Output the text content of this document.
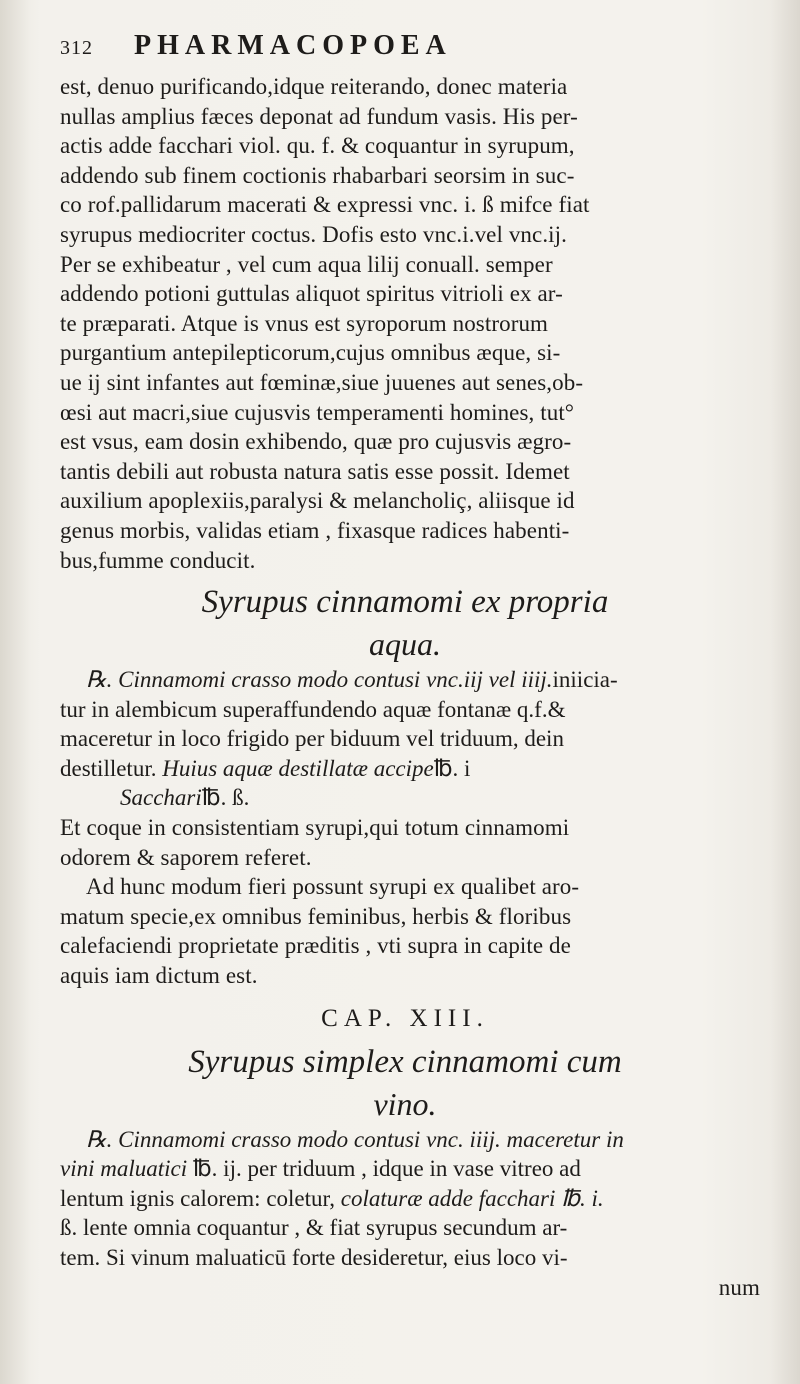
312	PHARMACOPOEA
est, denuo purificando,idque reiterando, donec materia
nullas amplius fæces deponat ad fundum vasis. His per-
actis adde facchari viol. qu. f. & coquantur in syrupum,
addendo sub finem coctionis rhabarbari seorsim in suc-
co rof.pallidarum macerati & expressi vnc. i. ß mifce fiat
syrupus mediocriter coctus. Dofis esto vnc.i.vel vnc.ij.
Per se exhibeatur , vel cum aqua lilij conuall. semper
addendo potioni guttulas aliquot spiritus vitrioli ex ar-
te præparati. Atque is vnus est syroporum nostrorum
purgantium antepilepticorum,cujus omnibus æque, si-
ue ij sint infantes aut fœminæ,siue juuenes aut senes,ob-
œsi aut macri,siue cujusvis temperamenti homines, tut°
est vsus, eam dosin exhibendo, quæ pro cujusvis ægro-
tantis debili aut robusta natura satis esse possit. Idemet
auxilium apoplexiis,paralysi & melancholiç, aliisque id
genus morbis, validas etiam , fixasque radices habenti-
bus,fumme conducit.
Syrupus cinnamomi ex propria
aqua.
℞. Cinnamomi crasso modo contusi vnc.iij vel iiij.iniicia-
tur in alembicum superaffundendo aquæ fontanæ q.f.&
maceretur in loco frigido per biduum vel triduum, dein
destilletur. Huius aquæ destillatæ accipe℔. i
Sacchari℔. ß.
Et coque in consistentiam syrupi,qui totum cinnamomi
odorem & saporem referet.
Ad hunc modum fieri possunt syrupi ex qualibet aro-
matum specie,ex omnibus feminibus, herbis & floribus
calefaciendi proprietate præditis , vti supra in capite de
aquis iam dictum est.
CAP. XIII.
Syrupus simplex cinnamomi cum
vino.
℞. Cinnamomi crasso modo contusi vnc. iiij. maceretur in
vini maluatici ℔. ij. per triduum , idque in vase vitreo ad
lentum ignis calorem: coletur, colaturæ adde facchari ℔. i.
ß. lente omnia coquantur , & fiat syrupus secundum ar-
tem. Si vinum maluaticū forte desideretur, eius loco vi-
num
